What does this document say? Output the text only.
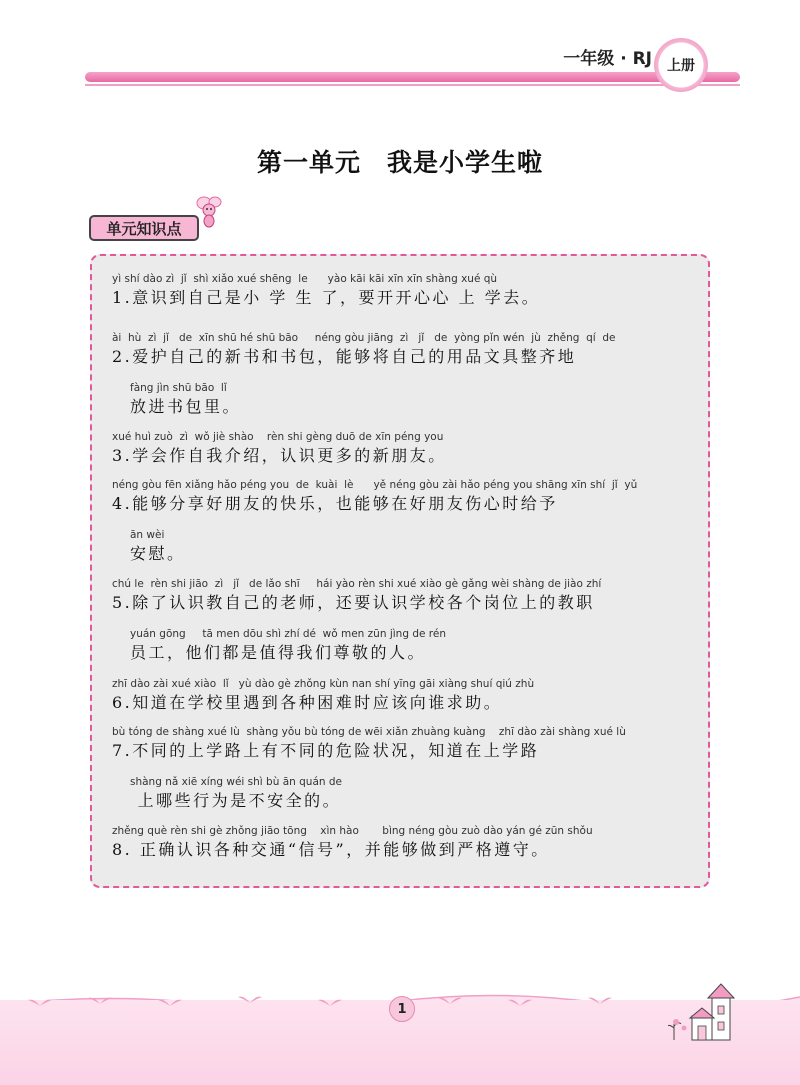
一年级 · RJ 上册
第一单元　我是小学生啦
单元知识点
yì shí dào zì  jǐ  shì xiǎo xué shēng  le      yào kāi kāi xīn xīn shàng xué qù
1.意识到自己是小 学 生 了，要开开心心 上 学去。
ài  hù  zì  jǐ   de  xīn shū hé shū bāo     néng gòu jiāng  zì   jǐ   de  yòng pǐn wén  jù  zhěng  qí  de
2.爱护自己的新书和书包，能够将自己的用品文具整齐地
fàng jìn shū bāo  lǐ
放进书包里。
xué huì zuò  zì  wǒ jiè shào    rèn shi gèng duō de xīn péng you
3.学会作自我介绍，认识更多的新朋友。
néng gòu fēn xiǎng hǎo péng you  de  kuài  lè      yě néng gòu zài hǎo péng you shāng xīn shí  jǐ  yǔ
4.能够分享好朋友的快乐，也能够在好朋友伤心时给予
ān wèi
安慰。
chú le  rèn shi jiāo  zì   jǐ   de lǎo shī     hái yào rèn shi xué xiào gè gǎng wèi shàng de jiào zhí
5.除了认识教自己的老师，还要认识学校各个岗位上的教职
yuán gōng     tā men dōu shì zhí dé  wǒ men zūn jìng de rén
员工，他们都是值得我们尊敬的人。
zhī dào zài xué xiào  lǐ   yù dào gè zhǒng kùn nan shí yīng gāi xiàng shuí qiú zhù
6.知道在学校里遇到各种困难时应该向谁求助。
bù tóng de shàng xué lù  shàng yǒu bù tóng de wēi xiǎn zhuàng kuàng    zhī dào zài shàng xué lù
7.不同的上学路上有不同的危险状况，知道在上学路
shàng nǎ xiē xíng wéi shì bù ān quán de
上哪些行为是不安全的。
zhěng què rèn shi gè zhǒng jiāo tōng    xìn hào       bìng néng gòu zuò dào yán gé zūn shǒu
8. 正确认识各种交通“信号”，并能够做到严格遵守。
1
